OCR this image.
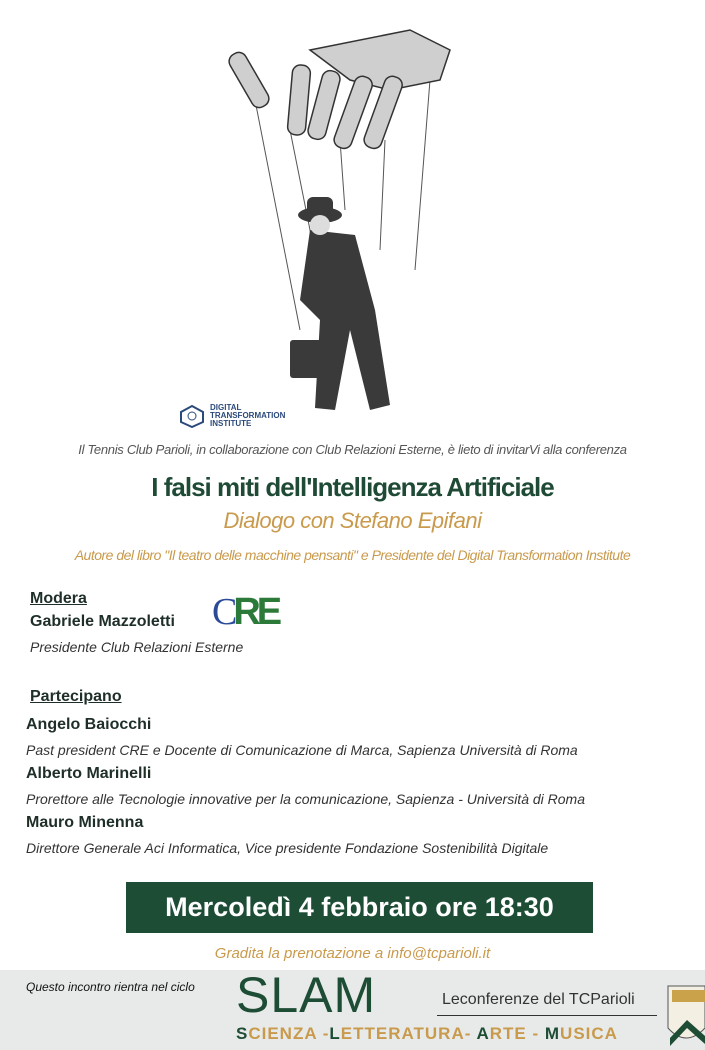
DIGITAL TRANSFORMATION INSTITUTE
Il Tennis Club Parioli, in collaborazione con Club Relazioni Esterne, è lieto di invitarVi alla conferenza
I falsi miti dell'Intelligenza Artificiale
Dialogo con Stefano Epifani
Autore del libro "Il teatro delle macchine pensanti" e Presidente del Digital Transformation Institute
Modera
Gabriele Mazzoletti CRE
Presidente Club Relazioni Esterne
Partecipano
Angelo Baiocchi
Past president CRE e Docente di Comunicazione di Marca, Sapienza Università di Roma
Alberto Marinelli
Prorettore alle Tecnologie innovative per la comunicazione, Sapienza - Università di Roma
Mauro Minenna
Direttore Generale Aci Informatica, Vice presidente Fondazione Sostenibilità Digitale
Mercoledì 4 febbraio ore 18:30
Gradita la prenotazione a info@tcparioli.it
Questo incontro rientra nel ciclo SLAM	Leconferenze del TCParioli
SCIENZA -LETTERATURA- ARTE - MUSICA
